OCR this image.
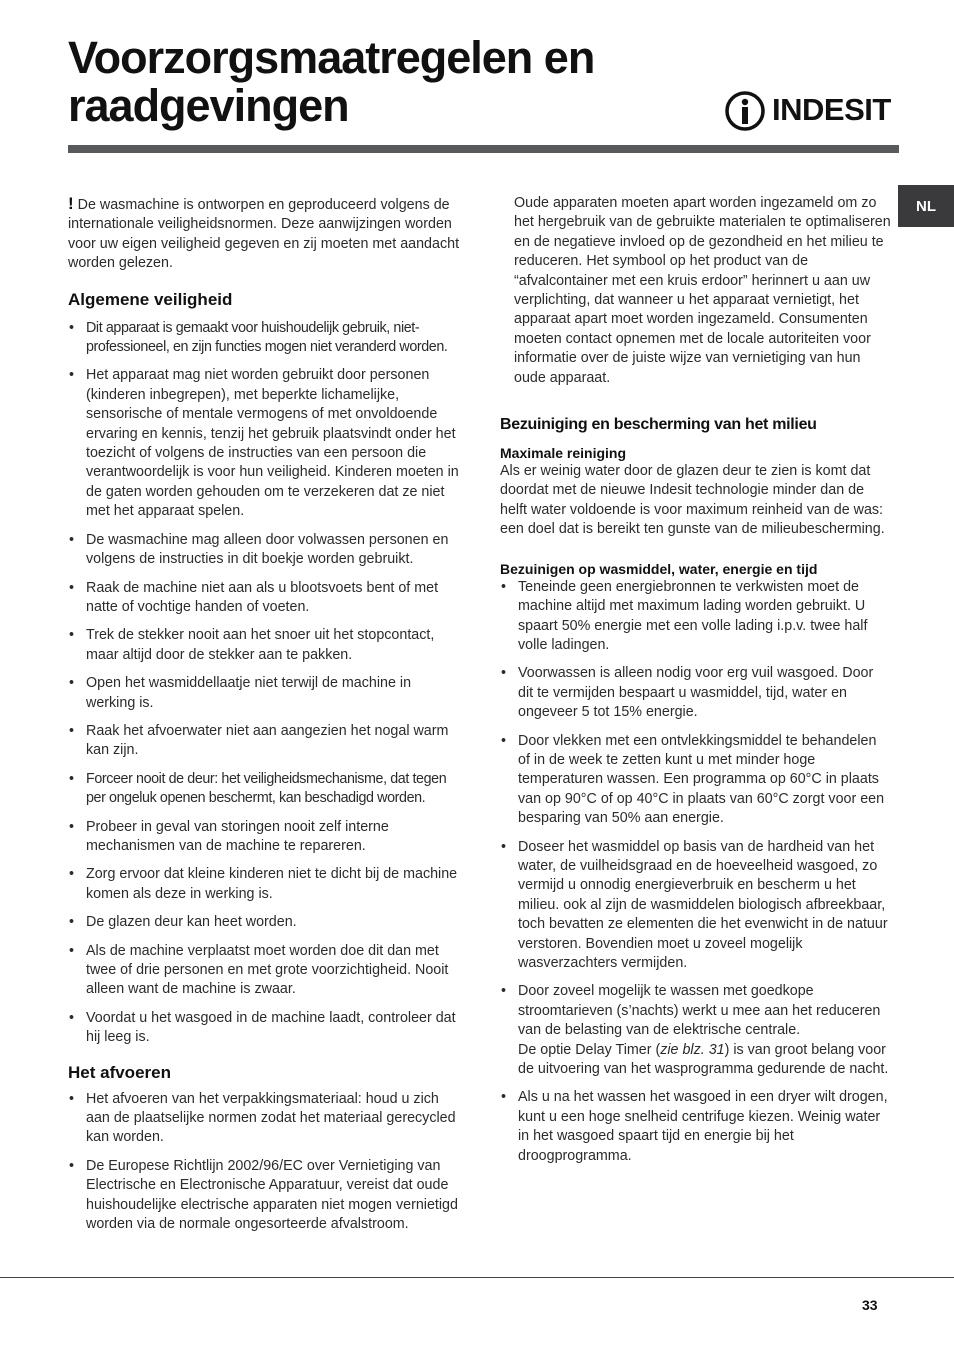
Voorzorgsmaatregelen en
raadgevingen	INDESIT
NL

! De wasmachine is ontworpen en geproduceerd volgens de internationale veiligheidsnormen. Deze aanwijzingen worden voor uw eigen veiligheid gegeven en zij moeten met aandacht worden gelezen.

Algemene veiligheid
• Dit apparaat is gemaakt voor huishoudelijk gebruik, niet-professioneel, en zijn functies mogen niet veranderd worden.
• Het apparaat mag niet worden gebruikt door personen (kinderen inbegrepen), met beperkte lichamelijke, sensorische of mentale vermogens of met onvoldoende ervaring en kennis, tenzij het gebruik plaatsvindt onder het toezicht of volgens de instructies van een persoon die verantwoordelijk is voor hun veiligheid. Kinderen moeten in de gaten worden gehouden om te verzekeren dat ze niet met het apparaat spelen.
• De wasmachine mag alleen door volwassen personen en volgens de instructies in dit boekje worden gebruikt.
• Raak de machine niet aan als u blootsvoets bent of met natte of vochtige handen of voeten.
• Trek de stekker nooit aan het snoer uit het stopcontact, maar altijd door de stekker aan te pakken.
• Open het wasmiddellaatje niet terwijl de machine in werking is.
• Raak het afvoerwater niet aan aangezien het nogal warm kan zijn.
• Forceer nooit de deur: het veiligheidsmechanisme, dat tegen per ongeluk openen beschermt, kan beschadigd worden.
• Probeer in geval van storingen nooit zelf interne mechanismen van de machine te repareren.
• Zorg ervoor dat kleine kinderen niet te dicht bij de machine komen als deze in werking is.
• De glazen deur kan heet worden.
• Als de machine verplaatst moet worden doe dit dan met twee of drie personen en met grote voorzichtigheid. Nooit alleen want de machine is zwaar.
• Voordat u het wasgoed in de machine laadt, controleer dat hij leeg is.
Het afvoeren
• Het afvoeren van het verpakkingsmateriaal: houd u zich aan de plaatselijke normen zodat het materiaal gerecycled kan worden.
• De Europese Richtlijn 2002/96/EC over Vernietiging van Electrische en Electronische Apparatuur, vereist dat oude huishoudelijke electrische apparaten niet mogen vernietigd worden via de normale ongesorteerde afvalstroom.

Oude apparaten moeten apart worden ingezameld om zo het hergebruik van de gebruikte materialen te optimaliseren en de negatieve invloed op de gezondheid en het milieu te reduceren. Het symbool op het product van de “afvalcontainer met een kruis erdoor” herinnert u aan uw verplichting, dat wanneer u het apparaat vernietigt, het apparaat apart moet worden ingezameld. Consumenten moeten contact opnemen met de locale autoriteiten voor informatie over de juiste wijze van vernietiging van hun oude apparaat.

Bezuiniging en bescherming van het milieu
Maximale reiniging

Als er weinig water door de glazen deur te zien is komt dat doordat met de nieuwe Indesit technologie minder dan de helft water voldoende is voor maximum reinheid van de was: een doel dat is bereikt ten gunste van de milieubescherming.

Bezuinigen op wasmiddel, water, energie en tijd
• Teneinde geen energiebronnen te verkwisten moet de machine altijd met maximum lading worden gebruikt. U spaart 50% energie met een volle lading i.p.v. twee half volle ladingen.
• Voorwassen is alleen nodig voor erg vuil wasgoed. Door dit te vermijden bespaart u wasmiddel, tijd, water en ongeveer 5 tot 15% energie.
• Door vlekken met een ontvlekkingsmiddel te behandelen of in de week te zetten kunt u met minder hoge temperaturen wassen. Een programma op 60°C in plaats van op 90°C of op 40°C in plaats van 60°C zorgt voor een besparing van 50% aan energie.
• Doseer het wasmiddel op basis van de hardheid van het water, de vuilheidsgraad en de hoeveelheid wasgoed, zo vermijd u onnodig energieverbruik en bescherm u het milieu. ook al zijn de wasmiddelen biologisch afbreekbaar, toch bevatten ze elementen die het evenwicht in de natuur verstoren. Bovendien moet u zoveel mogelijk wasverzachters vermijden.
• Door zoveel mogelijk te wassen met goedkope stroomtarieven (s’nachts) werkt u mee aan het reduceren van de belasting van de elektrische centrale.
De optie Delay Timer (zie blz. 31) is van groot belang voor de uitvoering van het wasprogramma gedurende de nacht.
• Als u na het wassen het wasgoed in een dryer wilt drogen, kunt u een hoge snelheid centrifuge kiezen. Weinig water in het wasgoed spaart tijd en energie bij het droogprogramma.
33
